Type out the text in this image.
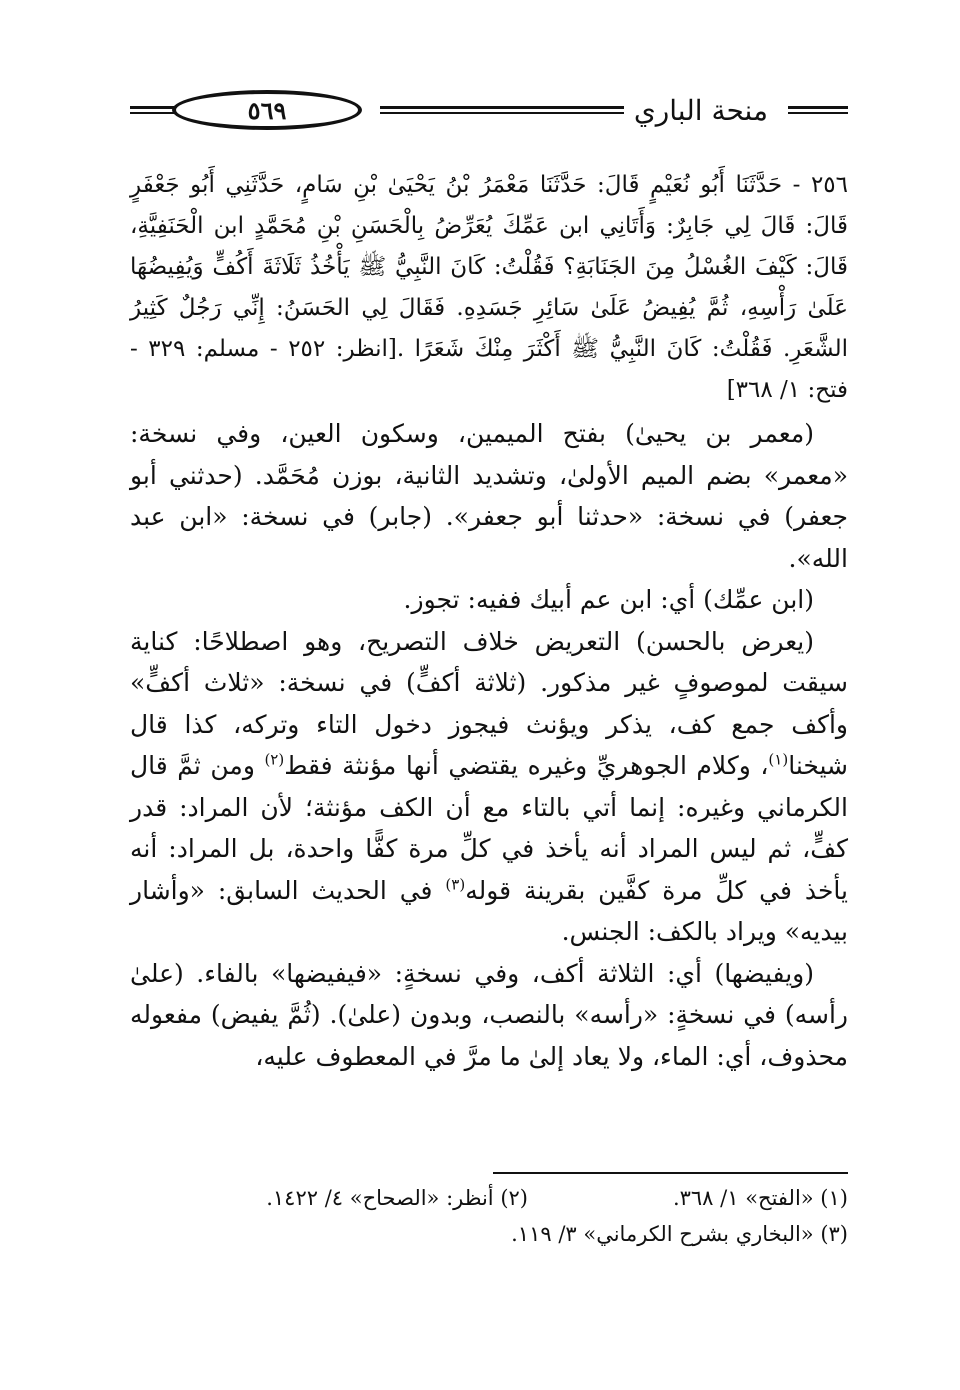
٥٦٩	منحة الباري

٢٥٦ - حَدَّثَنَا أَبُو نُعَيْمٍ قَالَ: حَدَّثَنَا مَعْمَرُ بْنُ يَحْيَىٰ بْنِ سَامٍ، حَدَّثَنِي أَبُو جَعْفَرٍ قَالَ: قَالَ لِي جَابِرٌ: وَأَتَانِي ابن عَمِّكَ يُعَرِّضُ بِالْحَسَنِ بْنِ مُحَمَّدٍ ابن الْحَنَفِيَّةِ، قَالَ: كَيْفَ الغُسْلُ مِنَ الجَنَابَةِ؟ فَقُلْتُ: كَانَ النَّبِيُّ ﷺ يَأْخُذُ ثَلَاثَةَ أَكُفٍّ وَيُفِيضُهَا عَلَىٰ رَأْسِهِ، ثُمَّ يُفِيضُ عَلَىٰ سَائِرِ جَسَدِهِ. فَقَالَ لِي الحَسَنُ: إِنِّي رَجُلٌ كَثِيرُ الشَّعَرِ. فَقُلْتُ: كَانَ النَّبِيُّ ﷺ أَكْثَرَ مِنْكَ شَعَرًا .[انظر: ٢٥٢ - مسلم: ٣٢٩ - فتح: ١/ ٣٦٨]

(معمر بن يحيىٰ) بفتح الميمين، وسكون العين، وفي نسخة: «معمر» بضم الميم الأولىٰ، وتشديد الثانية، بوزن مُحَمَّد. (حدثني أبو جعفر) في نسخة: «حدثنا أبو جعفر». (جابر) في نسخة: «ابن عبد الله».

(ابن عمِّك) أي: ابن عم أبيك ففيه: تجوز.

(يعرض بالحسن) التعريض خلاف التصريح، وهو اصطلاحًا: كناية سيقت لموصوفٍ غير مذكور. (ثلاثة أكفٍّ) في نسخة: «ثلاث أكفٍّ» وأكف جمع كف، يذكر ويؤنث فيجوز دخول التاء وتركه، كذا قال شيخنا$^{(١)}$، وكلام الجوهريِّ وغيره يقتضي أنها مؤنثة فقط$^{(٢)}$ ومن ثمَّ قال الكرماني وغيره: إنما أتي بالتاء مع أن الكف مؤنثة؛ لأن المراد: قدر كفٍّ، ثم ليس المراد أنه يأخذ في كلِّ مرة كفًّا واحدة، بل المراد: أنه يأخذ في كلِّ مرة كفَّين بقرينة قوله$^{(٣)}$ في الحديث السابق: «وأشار بيديه» ويراد بالكف: الجنس.

(ويفيضها) أي: الثلاثة أكف، وفي نسخةٍ: «فيفيضها» بالفاء. (علىٰ رأسه) في نسخةٍ: «رأسه» بالنصب، وبدون (علىٰ). (ثُمَّ يفيض) مفعوله محذوف، أي: الماء، ولا يعاد إلىٰ ما مرَّ في المعطوف عليه،

(١) «الفتح» ١/ ٣٦٨.
(٢) أنظر: «الصحاح» ٤/ ١٤٢٢.
(٣) «البخاري بشرح الكرماني» ٣/ ١١٩.
